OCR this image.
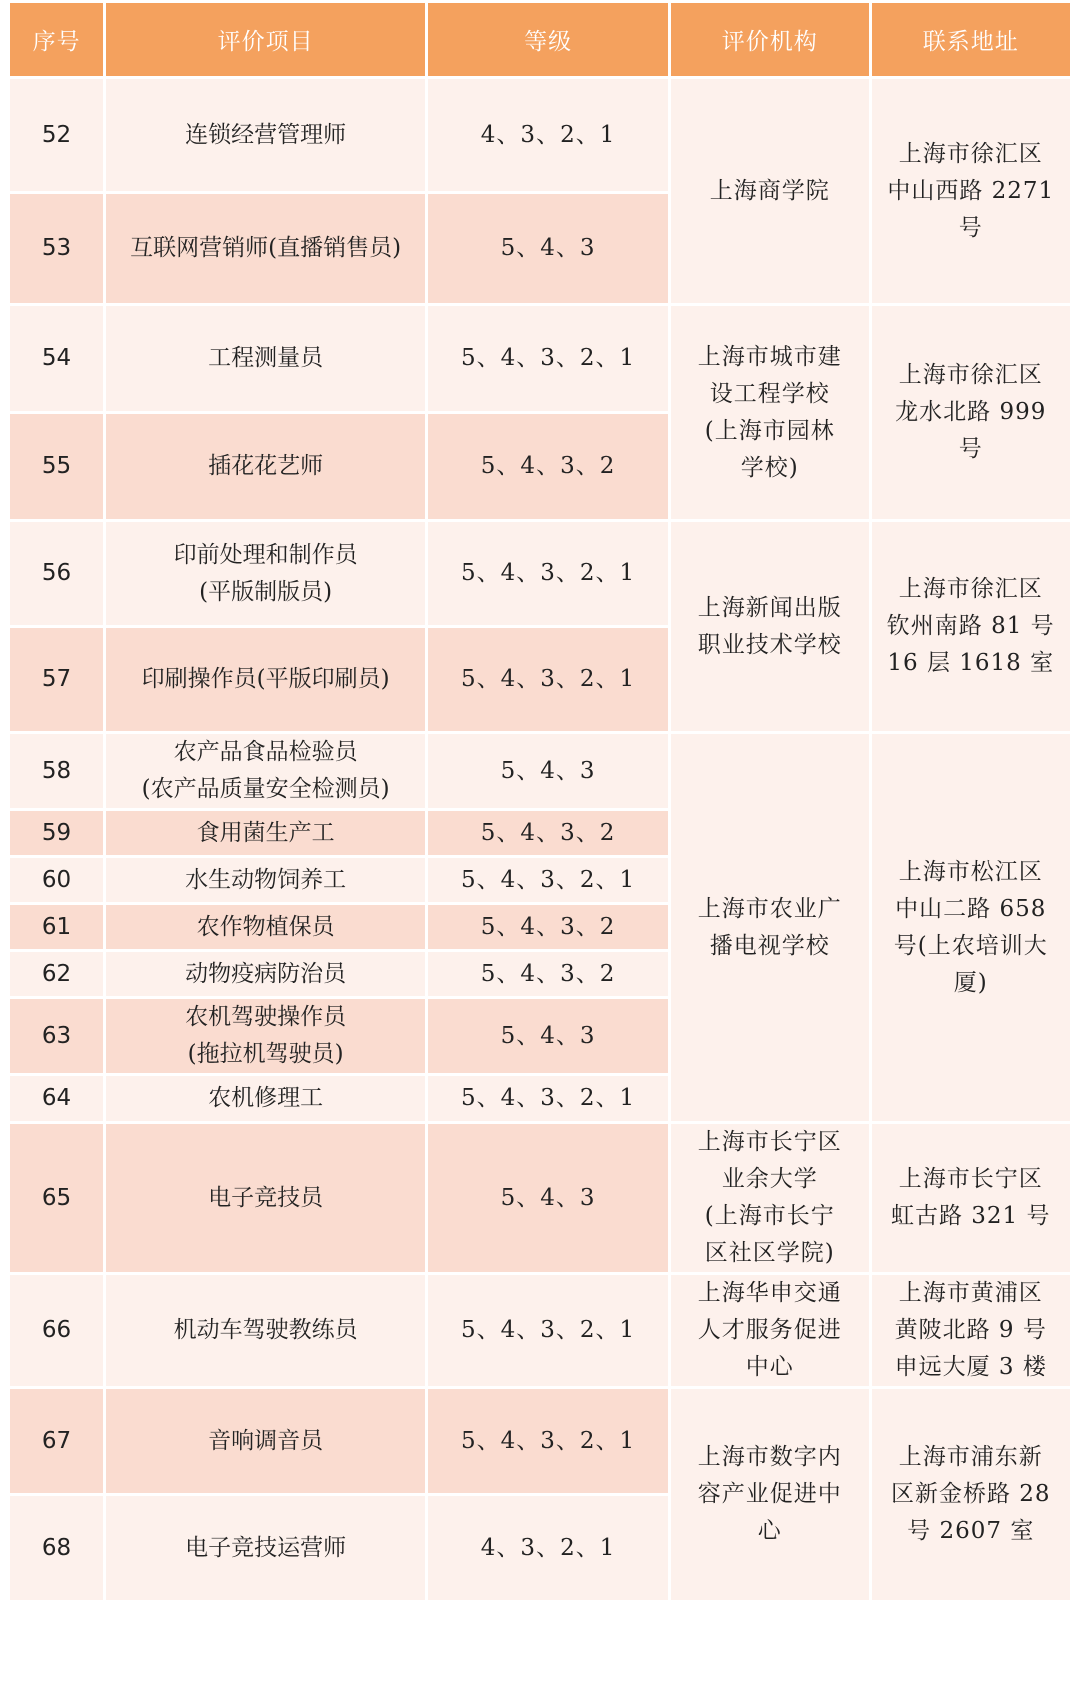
序号	评价项目	等级	评价机构	联系地址
52	连锁经营管理师	4、3、2、1	上海商学院	上海市徐汇区
中山西路 2271
号
53	互联网营销师(直播销售员)	5、4、3		
54	工程测量员	5、4、3、2、1	上海市城市建
设工程学校
(上海市园林
学校)	上海市徐汇区
龙水北路 999
号
55	插花花艺师	5、4、3、2		
56	印前处理和制作员
(平版制版员)	5、4、3、2、1	上海新闻出版
职业技术学校	上海市徐汇区
钦州南路 81 号
16 层 1618 室
57	印刷操作员(平版印刷员)	5、4、3、2、1		
58	农产品食品检验员
(农产品质量安全检测员)	5、4、3	上海市农业广
播电视学校	上海市松江区
中山二路 658
号(上农培训大
厦)
59	食用菌生产工	5、4、3、2		
60	水生动物饲养工	5、4、3、2、1		
61	农作物植保员	5、4、3、2		
62	动物疫病防治员	5、4、3、2		
63	农机驾驶操作员
(拖拉机驾驶员)	5、4、3		
64	农机修理工	5、4、3、2、1		
65	电子竞技员	5、4、3	上海市长宁区
业余大学
(上海市长宁
区社区学院)	上海市长宁区
虹古路 321 号
66	机动车驾驶教练员	5、4、3、2、1	上海华申交通
人才服务促进
中心	上海市黄浦区
黄陂北路 9 号
申远大厦 3 楼
67	音响调音员	5、4、3、2、1	上海市数字内
容产业促进中
心	上海市浦东新
区新金桥路 28
号 2607 室
68	电子竞技运营师	4、3、2、1		
